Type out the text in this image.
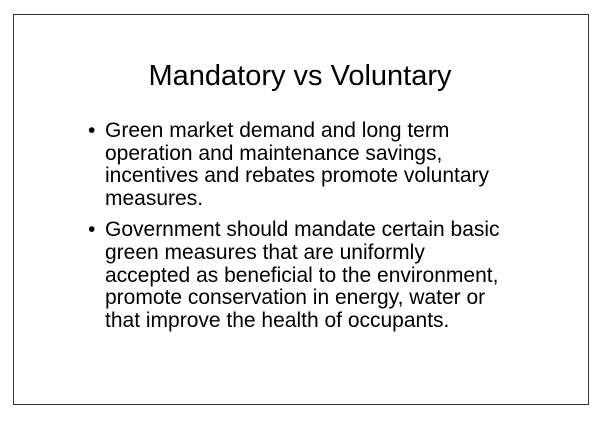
Mandatory vs Voluntary
• Green market demand and long term
operation and maintenance savings,
incentives and rebates promote voluntary
measures.
• Government should mandate certain basic
green measures that are uniformly
accepted as beneficial to the environment,
promote conservation in energy, water or
that improve the health of occupants.
